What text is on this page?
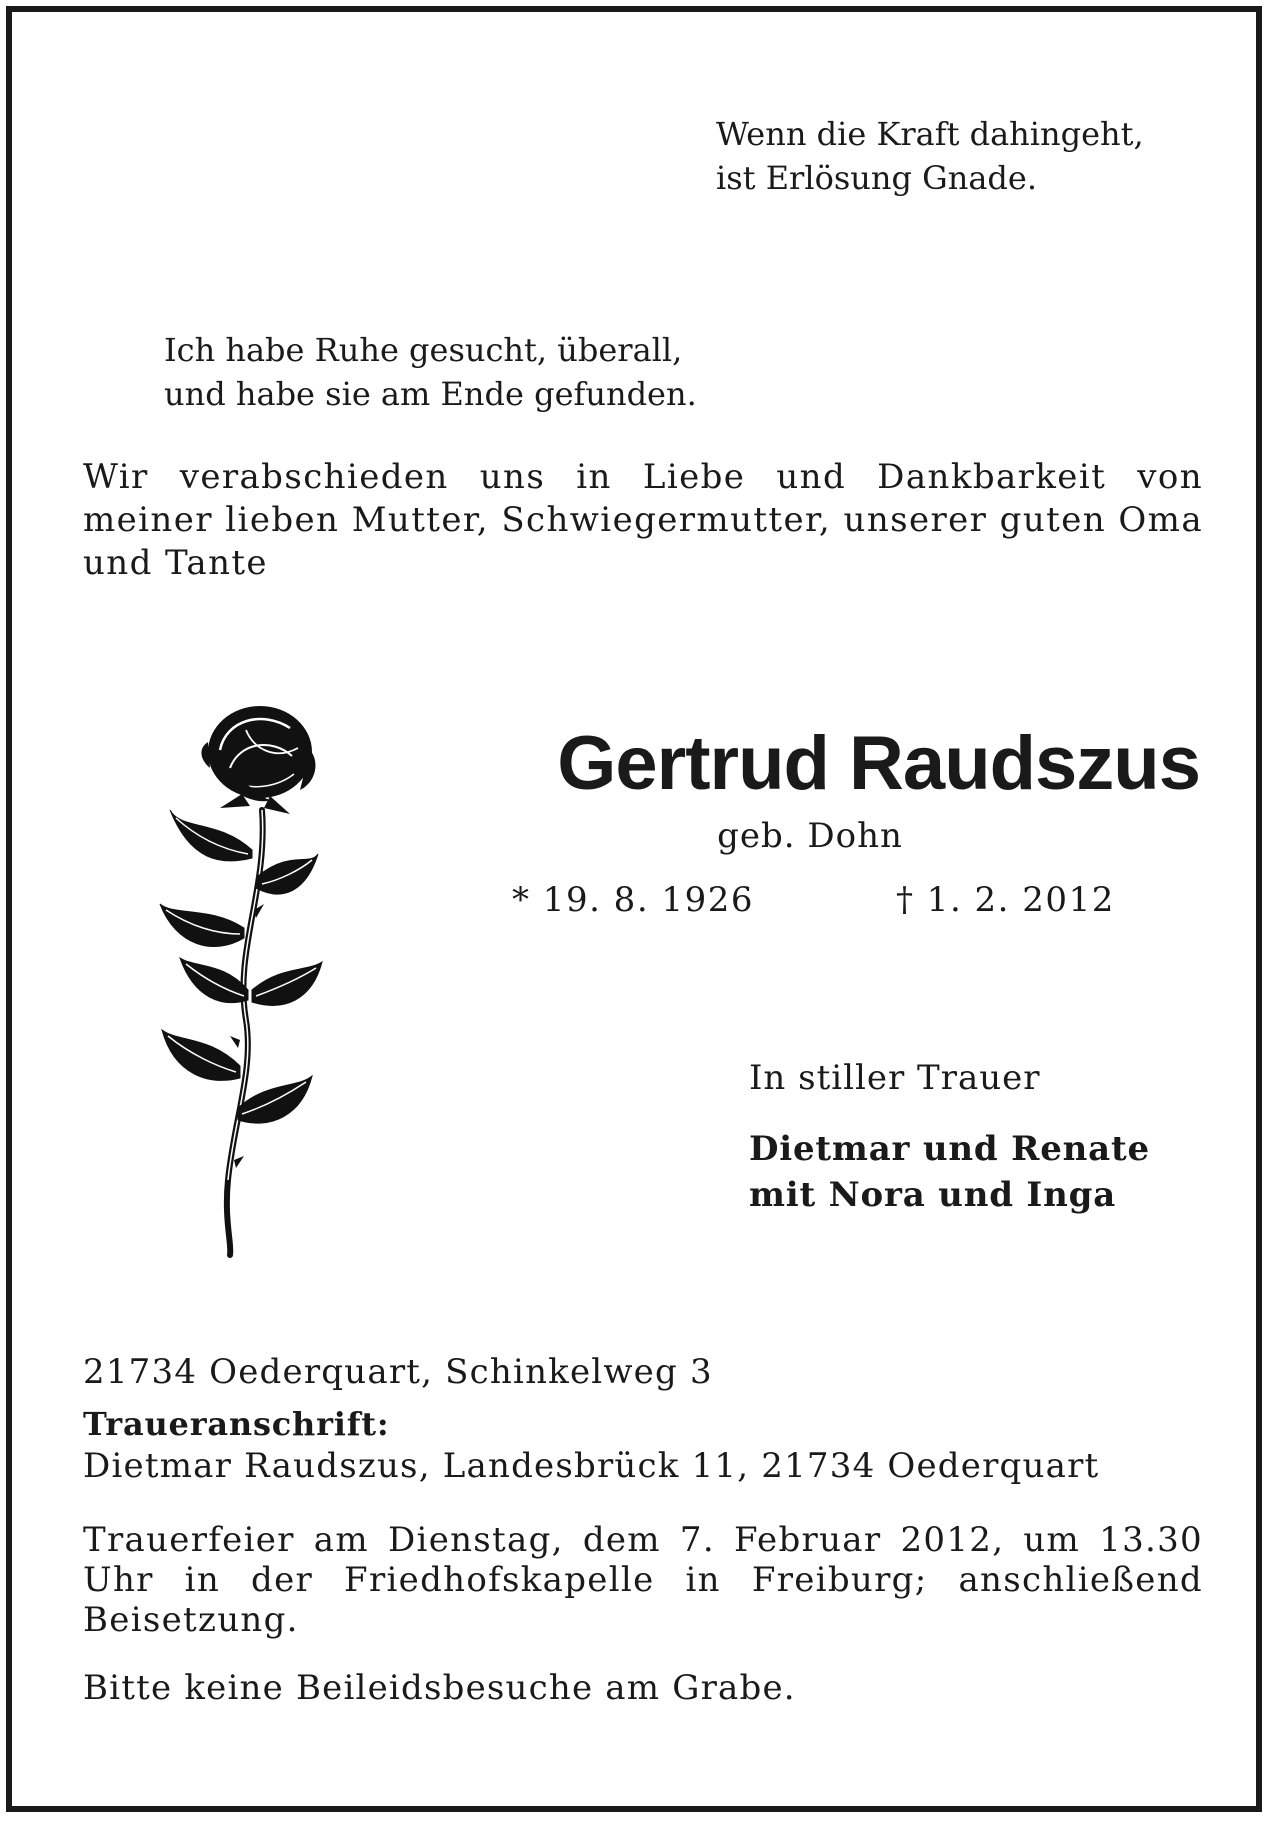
Wenn die Kraft dahingeht,
ist Erlösung Gnade.
Ich habe Ruhe gesucht, überall,
und habe sie am Ende gefunden.

Wir verabschieden uns in Liebe und Dankbarkeit von meiner lieben Mutter, Schwiegermutter, unserer guten Oma und Tante

Gertrud Raudszus
geb. Dohn
* 19. 8. 1926	† 1. 2. 2012
In stiller Trauer
Dietmar und Renate
mit Nora und Inga
21734 Oederquart, Schinkelweg 3
Traueranschrift:
Dietmar Raudszus, Landesbrück 11, 21734 Oederquart

Trauerfeier am Dienstag, dem 7. Februar 2012, um 13.30 Uhr in der Friedhofskapelle in Freiburg; anschließend Beisetzung.

Bitte keine Beileidsbesuche am Grabe.
